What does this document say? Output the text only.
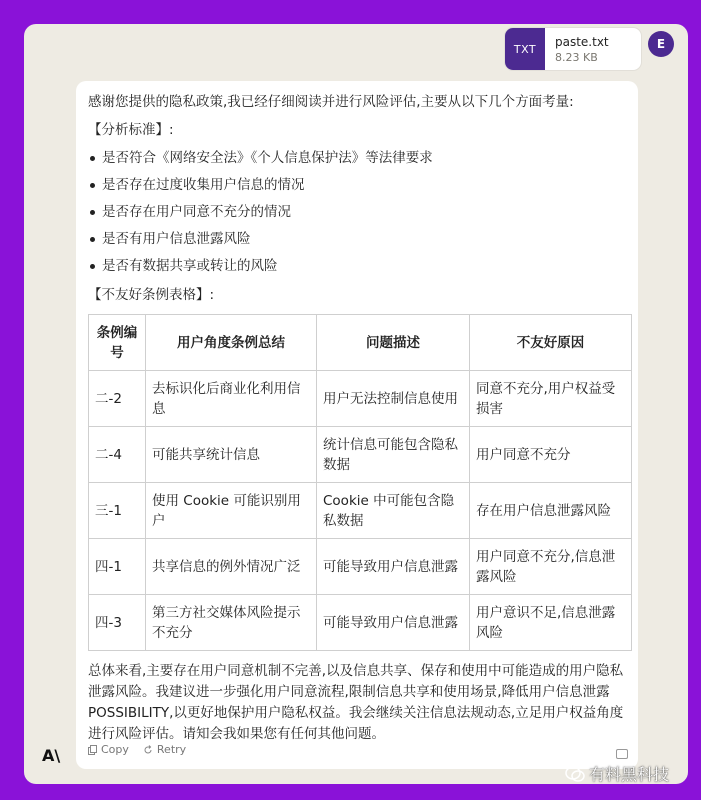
TXT
paste.txt
8.23 KB
E

感谢您提供的隐私政策,我已经仔细阅读并进行风险评估,主要从以下几个方面考量:

【分析标准】:
是否符合《网络安全法》《个人信息保护法》等法律要求
是否存在过度收集用户信息的情况
是否存在用户同意不充分的情况
是否有用户信息泄露风险
是否有数据共享或转让的风险
【不友好条例表格】:
条例编号	用户角度条例总结	问题描述	不友好原因
二-2	去标识化后商业化利用信息	用户无法控制信息使用	同意不充分,用户权益受损害
二-4	可能共享统计信息	统计信息可能包含隐私数据	用户同意不充分
三-1	使用 Cookie 可能识别用户	Cookie 中可能包含隐私数据	存在用户信息泄露风险
四-1	共享信息的例外情况广泛	可能导致用户信息泄露	用户同意不充分,信息泄露风险
四-3	第三方社交媒体风险提示不充分	可能导致用户信息泄露	用户意识不足,信息泄露风险
总体来看,主要存在用户同意机制不完善,以及信息共享、保存和使用中可能造成的用户隐私泄露风险。我建议进一步强化用户同意流程,限制信息共享和使用场景,降低用户信息泄露 POSSIBILITY,以更好地保护用户隐私权益。我会继续关注信息法规动态,立足用户权益角度进行风险评估。请知会我如果您有任何其他问题。
Copy	Retry
A\
有料黑科技
